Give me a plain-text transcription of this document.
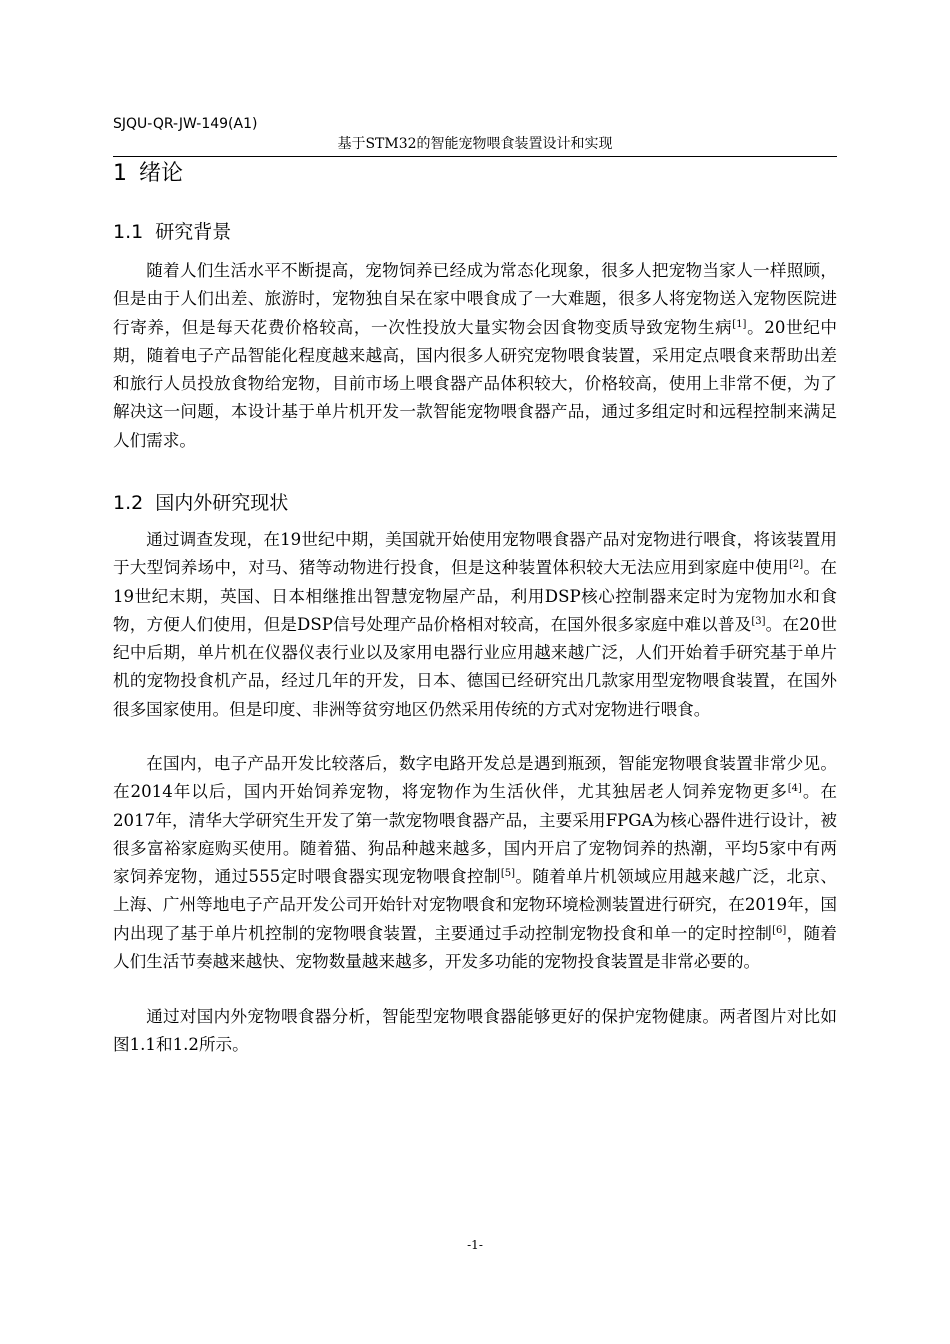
SJQU-QR-JW-149(A1)
基于STM32的智能宠物喂食装置设计和实现
1 绪论
1.1 研究背景

随着人们生活水平不断提高，宠物饲养已经成为常态化现象，很多人把宠物当家人一样照顾，但是由于人们出差、旅游时，宠物独自呆在家中喂食成了一大难题，很多人将宠物送入宠物医院进行寄养，但是每天花费价格较高，一次性投放大量实物会因食物变质导致宠物生病[1]。20世纪中期，随着电子产品智能化程度越来越高，国内很多人研究宠物喂食装置，采用定点喂食来帮助出差和旅行人员投放食物给宠物，目前市场上喂食器产品体积较大，价格较高，使用上非常不便，为了解决这一问题，本设计基于单片机开发一款智能宠物喂食器产品，通过多组定时和远程控制来满足人们需求。

1.2 国内外研究现状

通过调查发现，在19世纪中期，美国就开始使用宠物喂食器产品对宠物进行喂食，将该装置用于大型饲养场中，对马、猪等动物进行投食，但是这种装置体积较大无法应用到家庭中使用[2]。在19世纪末期，英国、日本相继推出智慧宠物屋产品，利用DSP核心控制器来定时为宠物加水和食物，方便人们使用，但是DSP信号处理产品价格相对较高，在国外很多家庭中难以普及[3]。在20世纪中后期，单片机在仪器仪表行业以及家用电器行业应用越来越广泛，人们开始着手研究基于单片机的宠物投食机产品，经过几年的开发，日本、德国已经研究出几款家用型宠物喂食装置，在国外很多国家使用。但是印度、非洲等贫穷地区仍然采用传统的方式对宠物进行喂食。

在国内，电子产品开发比较落后，数字电路开发总是遇到瓶颈，智能宠物喂食装置非常少见。在2014年以后，国内开始饲养宠物，将宠物作为生活伙伴，尤其独居老人饲养宠物更多[4]。在2017年，清华大学研究生开发了第一款宠物喂食器产品，主要采用FPGA为核心器件进行设计，被很多富裕家庭购买使用。随着猫、狗品种越来越多，国内开启了宠物饲养的热潮，平均5家中有两家饲养宠物，通过555定时喂食器实现宠物喂食控制[5]。随着单片机领域应用越来越广泛，北京、上海、广州等地电子产品开发公司开始针对宠物喂食和宠物环境检测装置进行研究，在2019年，国内出现了基于单片机控制的宠物喂食装置，主要通过手动控制宠物投食和单一的定时控制[6]，随着人们生活节奏越来越快、宠物数量越来越多，开发多功能的宠物投食装置是非常必要的。

通过对国内外宠物喂食器分析，智能型宠物喂食器能够更好的保护宠物健康。两者图片对比如图1.1和1.2所示。

-1-
